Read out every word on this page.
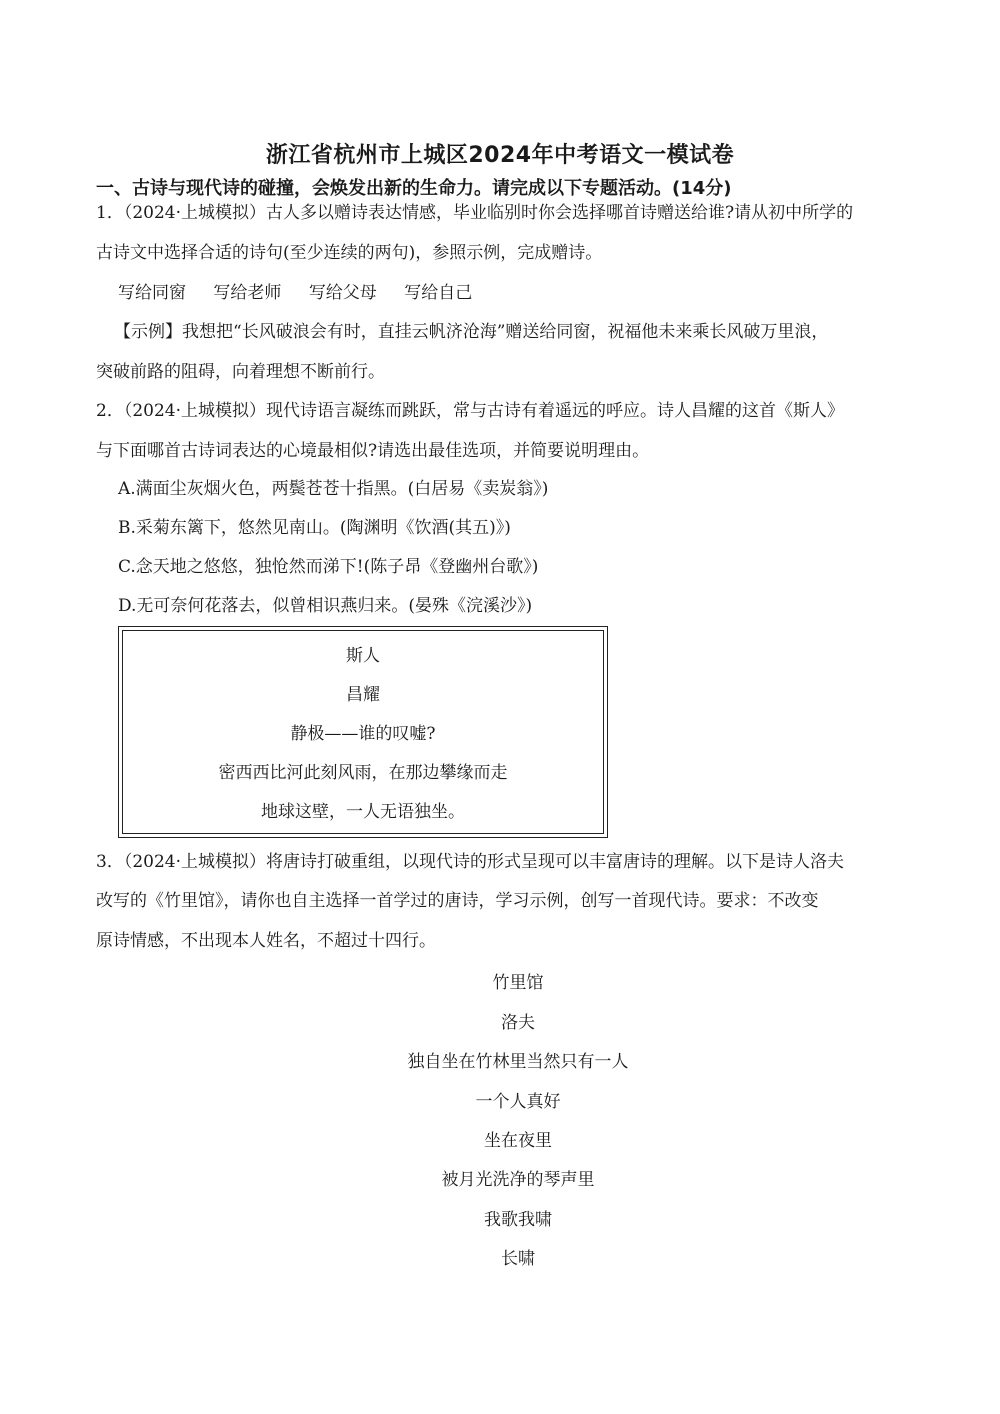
浙江省杭州市上城区2024年中考语文一模试卷
一、古诗与现代诗的碰撞，会焕发出新的生命力。请完成以下专题活动。(14分)
1．（2024·上城模拟）古人多以赠诗表达情感，毕业临别时你会选择哪首诗赠送给谁?请从初中所学的
古诗文中选择合适的诗句(至少连续的两句)，参照示例，完成赠诗。
写给同窗 写给老师 写给父母 写给自己
【示例】我想把“长风破浪会有时，直挂云帆济沧海”赠送给同窗，祝福他未来乘长风破万里浪，
突破前路的阻碍，向着理想不断前行。
2．（2024·上城模拟）现代诗语言凝练而跳跃，常与古诗有着遥远的呼应。诗人昌耀的这首《斯人》
与下面哪首古诗词表达的心境最相似?请选出最佳选项，并简要说明理由。
A.满面尘灰烟火色，两鬓苍苍十指黑。(白居易《卖炭翁》)
B.采菊东篱下，悠然见南山。(陶渊明《饮酒(其五)》)
C.念天地之悠悠，独怆然而涕下!(陈子昂《登幽州台歌》)
D.无可奈何花落去，似曾相识燕归来。(晏殊《浣溪沙》)
斯人
昌耀
静极——谁的叹嘘?
密西西比河此刻风雨，在那边攀缘而走
地球这壁，一人无语独坐。
3．（2024·上城模拟）将唐诗打破重组，以现代诗的形式呈现可以丰富唐诗的理解。以下是诗人洛夫
改写的《竹里馆》，请你也自主选择一首学过的唐诗，学习示例，创写一首现代诗。要求：不改变
原诗情感，不出现本人姓名，不超过十四行。
竹里馆
洛夫
独自坐在竹林里当然只有一人
一个人真好
坐在夜里
被月光洗净的琴声里
我歌我啸
长啸
